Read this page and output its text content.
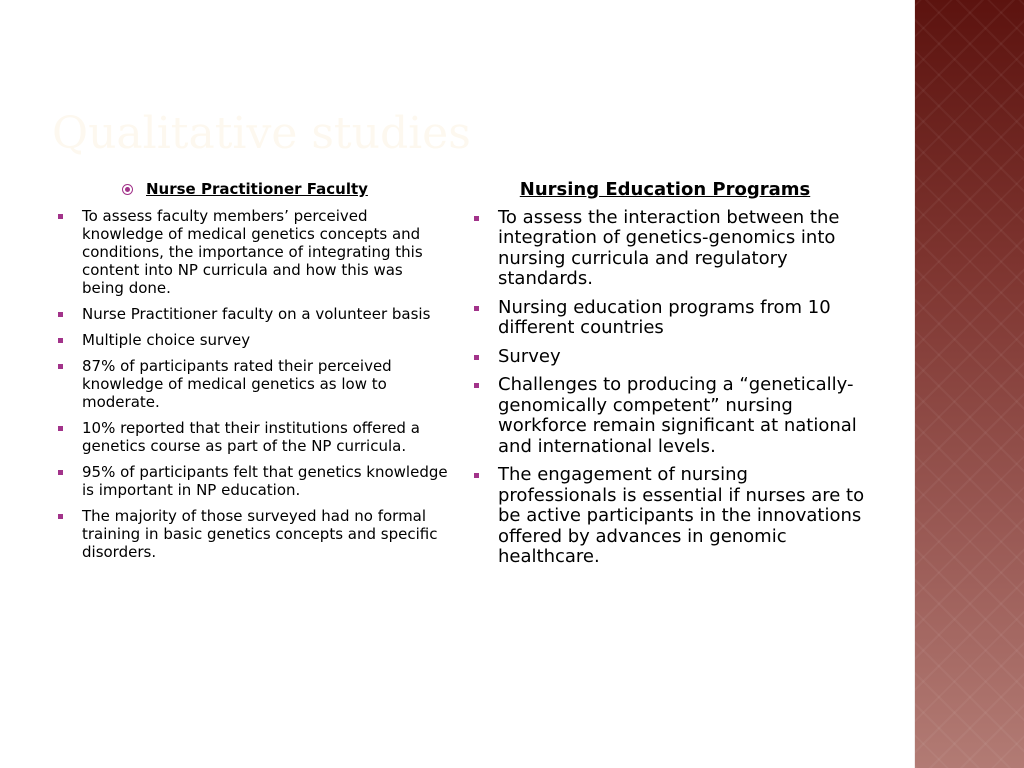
Qualitative studies
Nurse Practitioner Faculty
To assess faculty members’ perceived knowledge of medical genetics concepts and conditions, the importance of integrating this content into NP curricula and how this was being done.
Nurse Practitioner faculty on a volunteer basis
Multiple choice survey
87% of participants rated their perceived knowledge of medical genetics as low to moderate.
10% reported that their institutions offered a genetics course as part of the NP curricula.
95% of participants felt that genetics knowledge is important in NP education.
The majority of those surveyed had no formal training in basic genetics concepts and specific disorders.
Nursing Education Programs
To assess the interaction between the integration of genetics-genomics into nursing curricula and regulatory standards.
Nursing education programs from 10 different countries
Survey
Challenges to producing a “genetically-genomically competent” nursing workforce remain significant at national and international levels.
The engagement of nursing professionals is essential if nurses are to be active participants in the innovations offered by advances in genomic healthcare.
